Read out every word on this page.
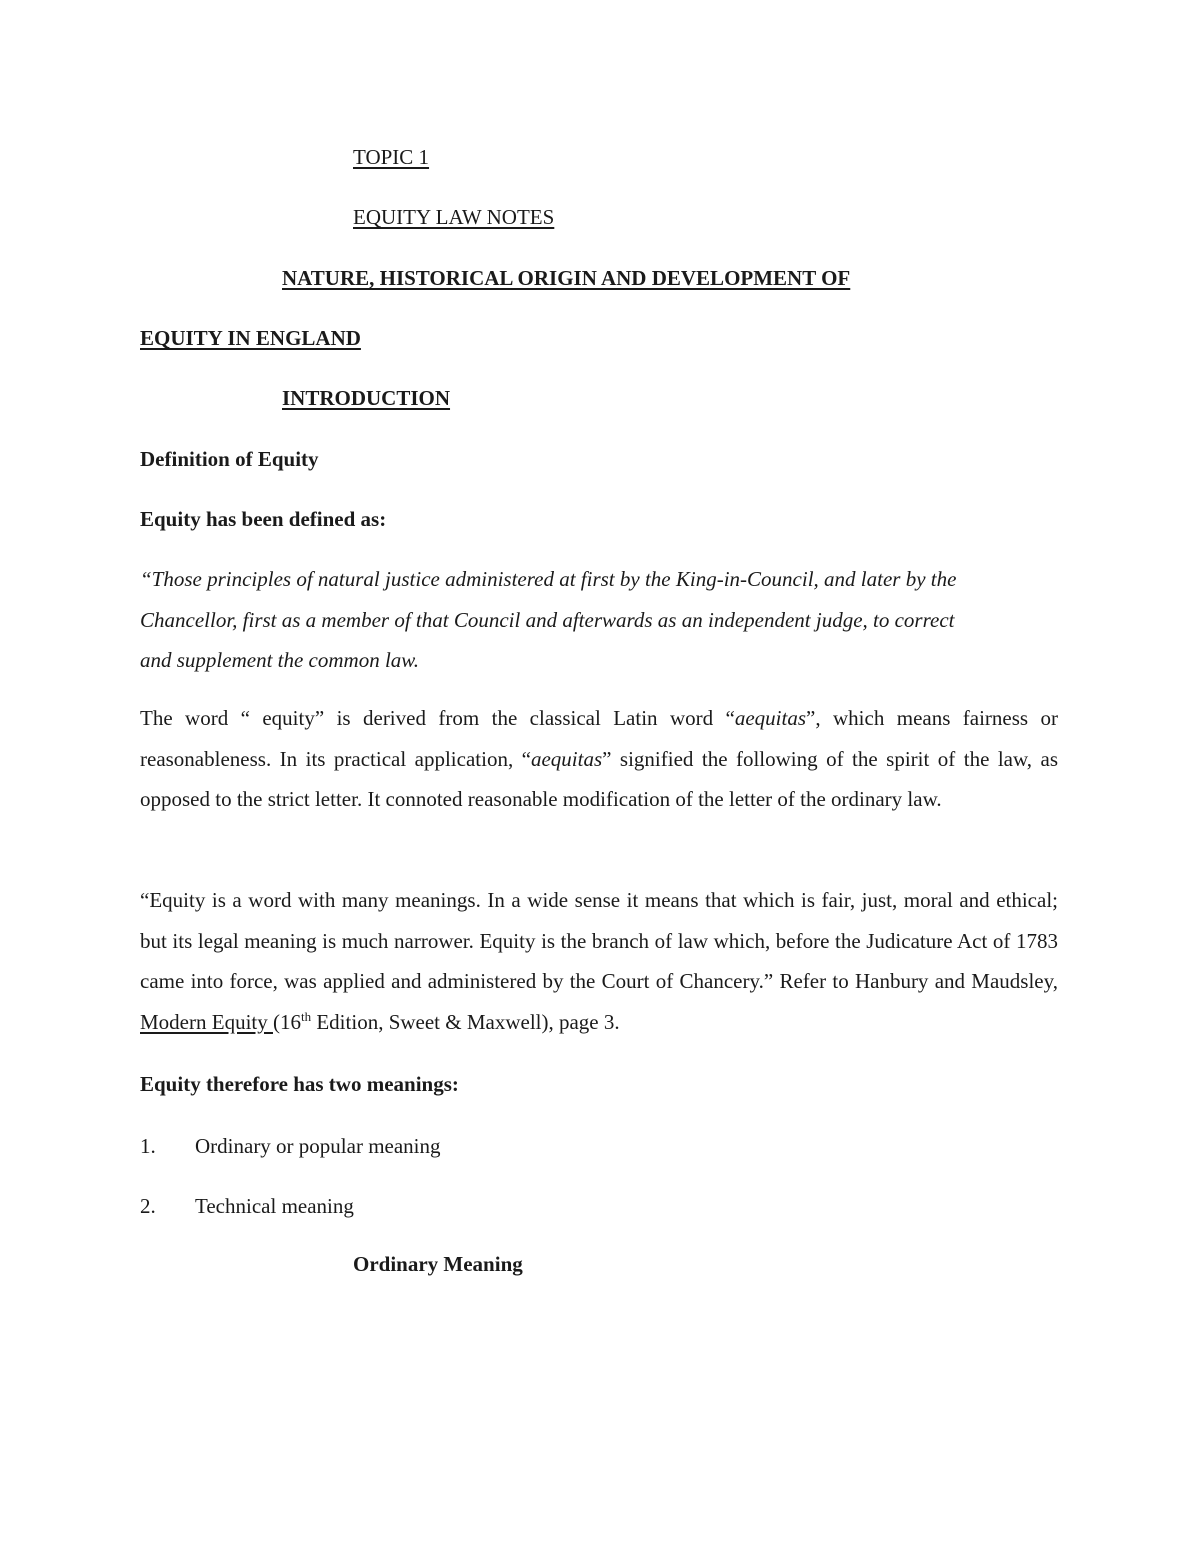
TOPIC 1
EQUITY LAW NOTES
NATURE, HISTORICAL ORIGIN AND DEVELOPMENT OF
EQUITY IN ENGLAND
INTRODUCTION
Definition of Equity
Equity has been defined as:
“Those principles of natural justice administered at first by the King-in-Council, and later by the
Chancellor, first as a member of that Council and afterwards as an independent judge, to correct
and supplement the common law.
The word “ equity” is derived from the classical Latin word “aequitas”, which means fairness or reasonableness. In its practical application, “aequitas” signified the following of the spirit of the law, as opposed to the strict letter. It connoted reasonable modification of the letter of the ordinary law.
“Equity is a word with many meanings. In a wide sense it means that which is fair, just, moral and ethical; but its legal meaning is much narrower. Equity is the branch of law which, before the Judicature Act of 1783 came into force, was applied and administered by the Court of Chancery.” Refer to Hanbury and Maudsley, Modern Equity (16th Edition, Sweet & Maxwell), page 3.
Equity therefore has two meanings:
1. Ordinary or popular meaning
2. Technical meaning
Ordinary Meaning
